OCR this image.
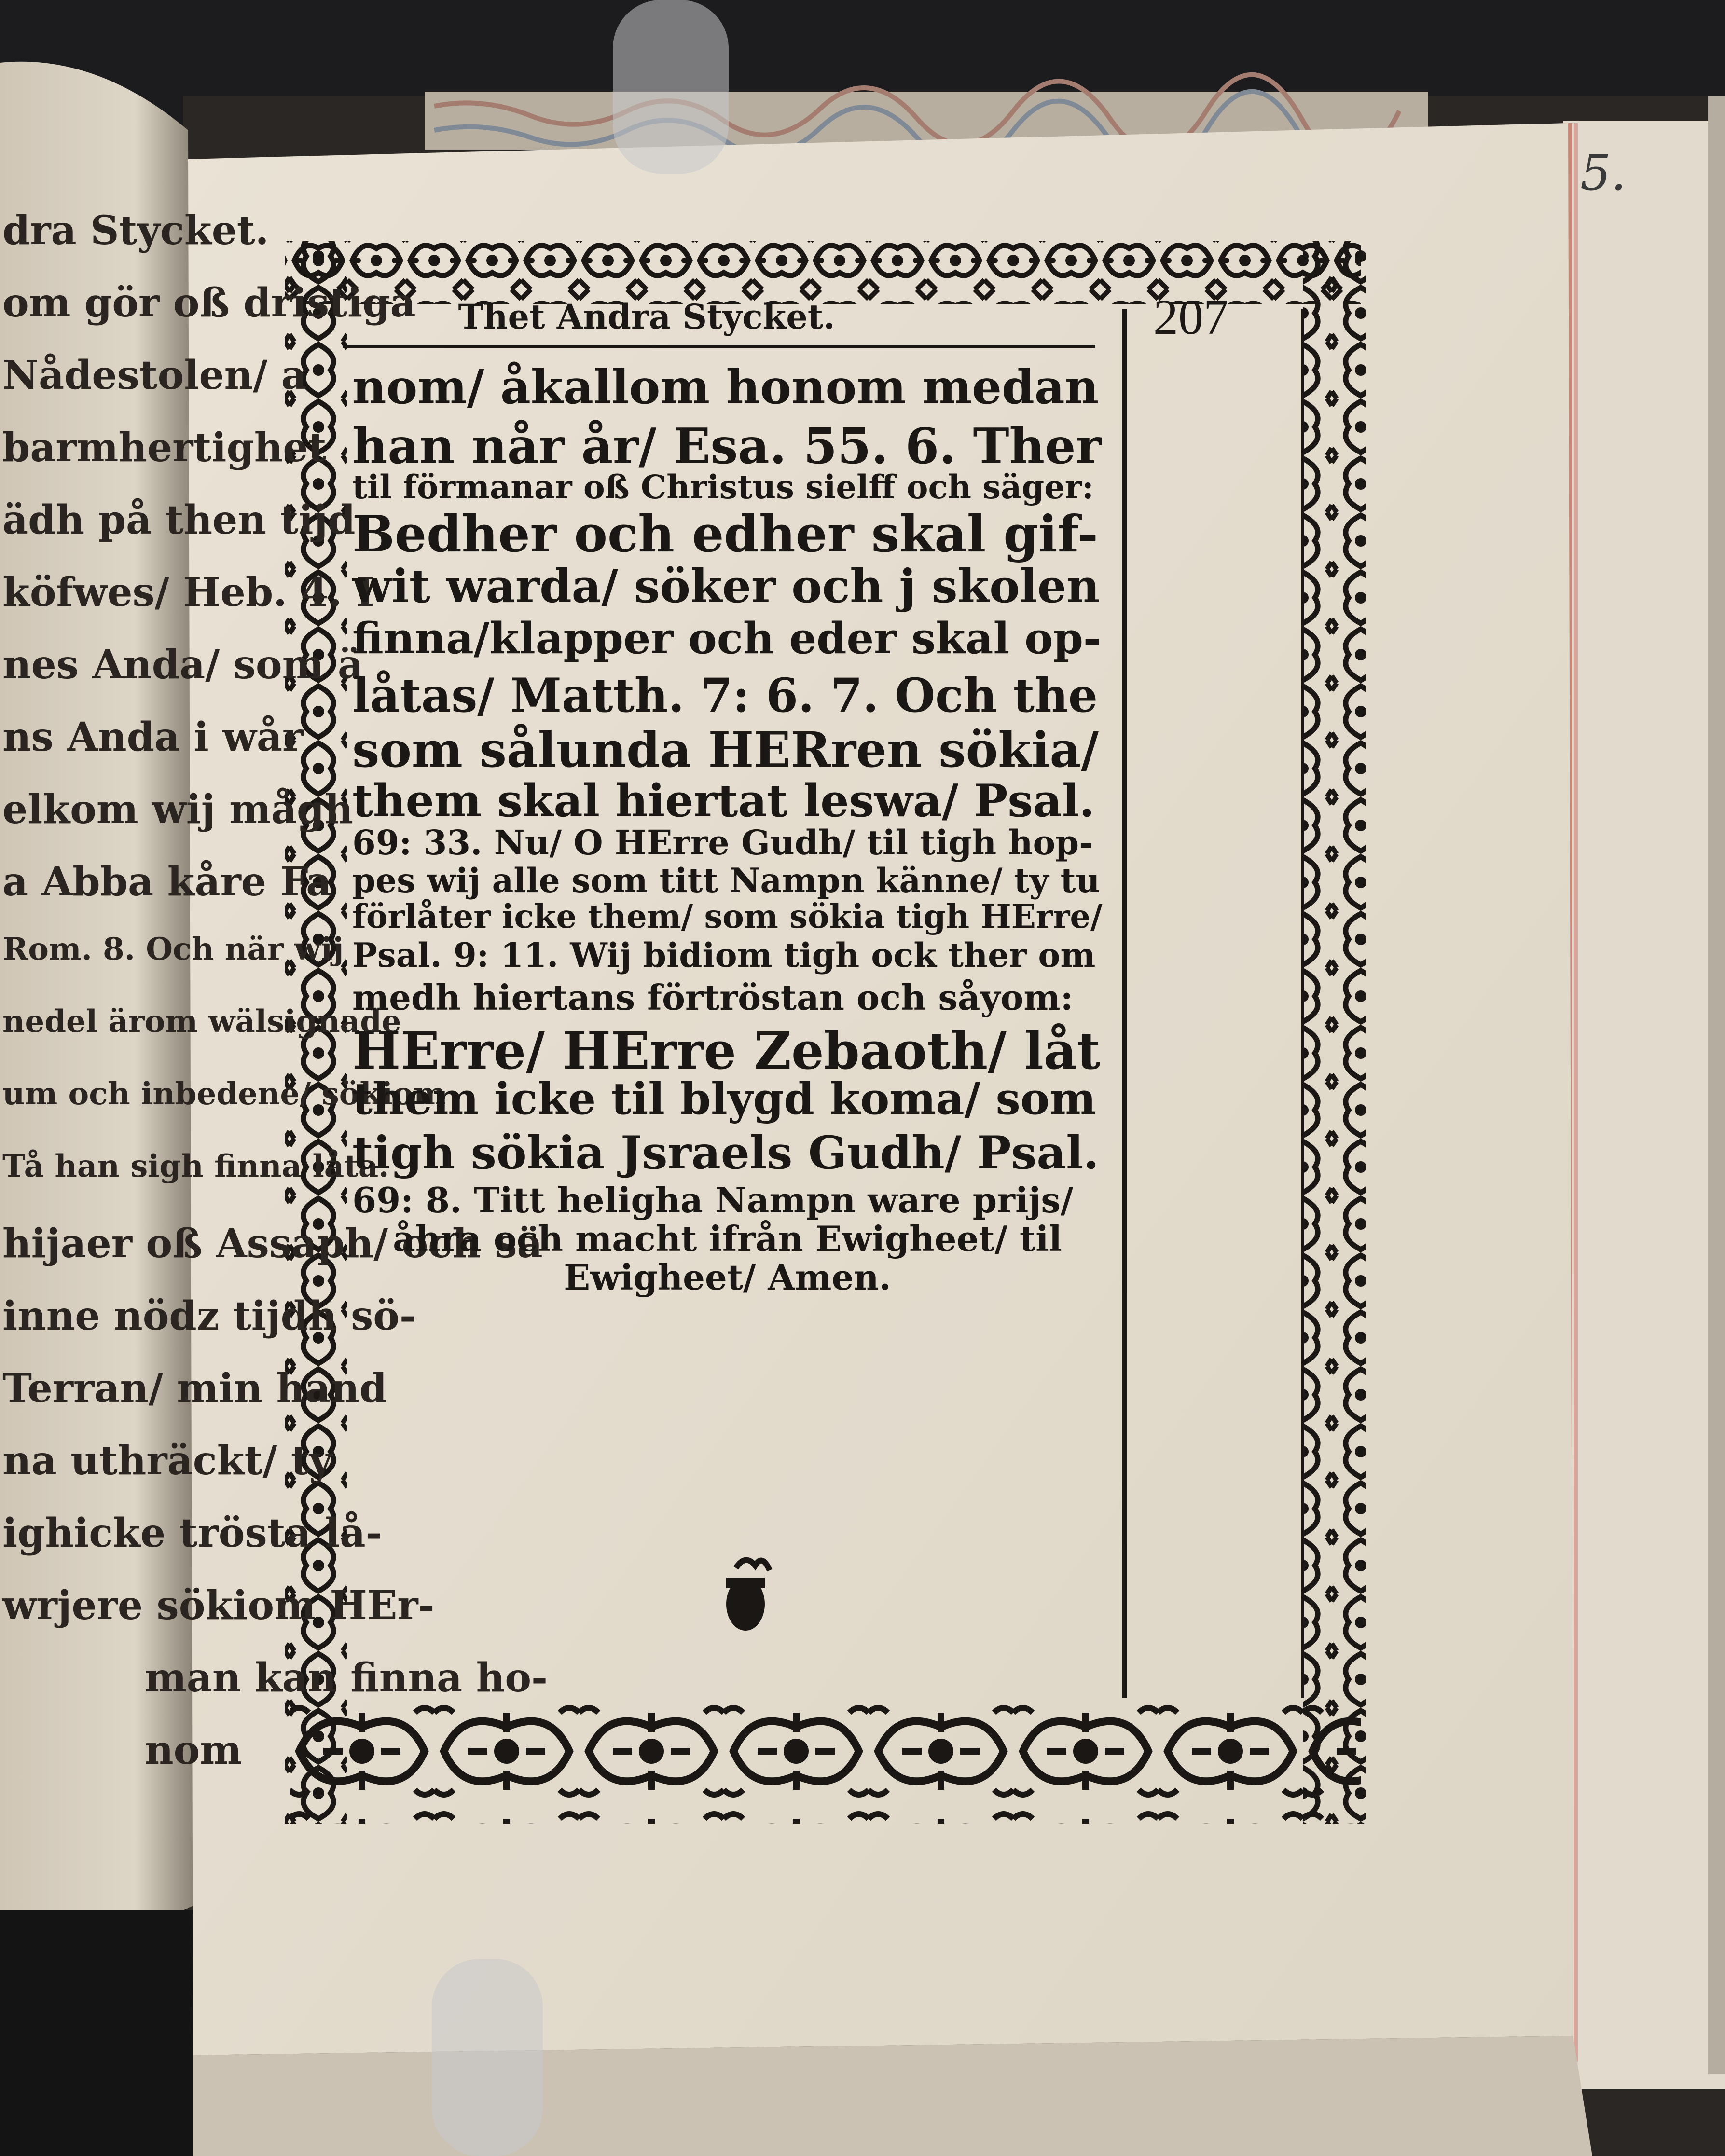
dra Stycket.
om gör oß dristiga
Nådestolen/ a
barmhertighet
ädh på then tijd
köfwes/ Heb. 4. I
nes Anda/ som ä
ns Anda i wår
elkom wij mågh
a Abba kåre Fa
Rom. 8. Och när wij
nedel ärom wälsignade
um och inbedene/ sökiom
Tå han sigh finna låta.
hijaer oß Assaph/ och sä
inne nödz tijdh sö-
Terran/ min hand
na uthräckt/ ty
ighicke trösta lå-
wrjere sökiom HEr-
man kan finna ho-
nom
Thet Andra Stycket.	207
5.
nom/ åkallom honom medan
han når år/ Esa. 55. 6. Ther
til förmanar oß Christus sielff och säger:
Bedher och edher skal gif-
wit warda/ söker och j skolen
finna/klapper och eder skal op-
låtas/ Matth. 7: 6. 7. Och the
som sålunda HERren sökia/
them skal hiertat leswa/ Psal.
69: 33. Nu/ O HErre Gudh/ til tigh hop-
pes wij alle som titt Nampn känne/ ty tu
förlåter icke them/ som sökia tigh HErre/
Psal. 9: 11. Wij bidiom tigh ock ther om
medh hiertans förtröstan och såyom:
HErre/ HErre Zebaoth/ låt
them icke til blygd koma/ som
tigh sökia Jsraels Gudh/ Psal.
69: 8. Titt heligha Nampn ware prijs/
åhra och macht ifrån Ewigheet/ til
Ewigheet/ Amen.
